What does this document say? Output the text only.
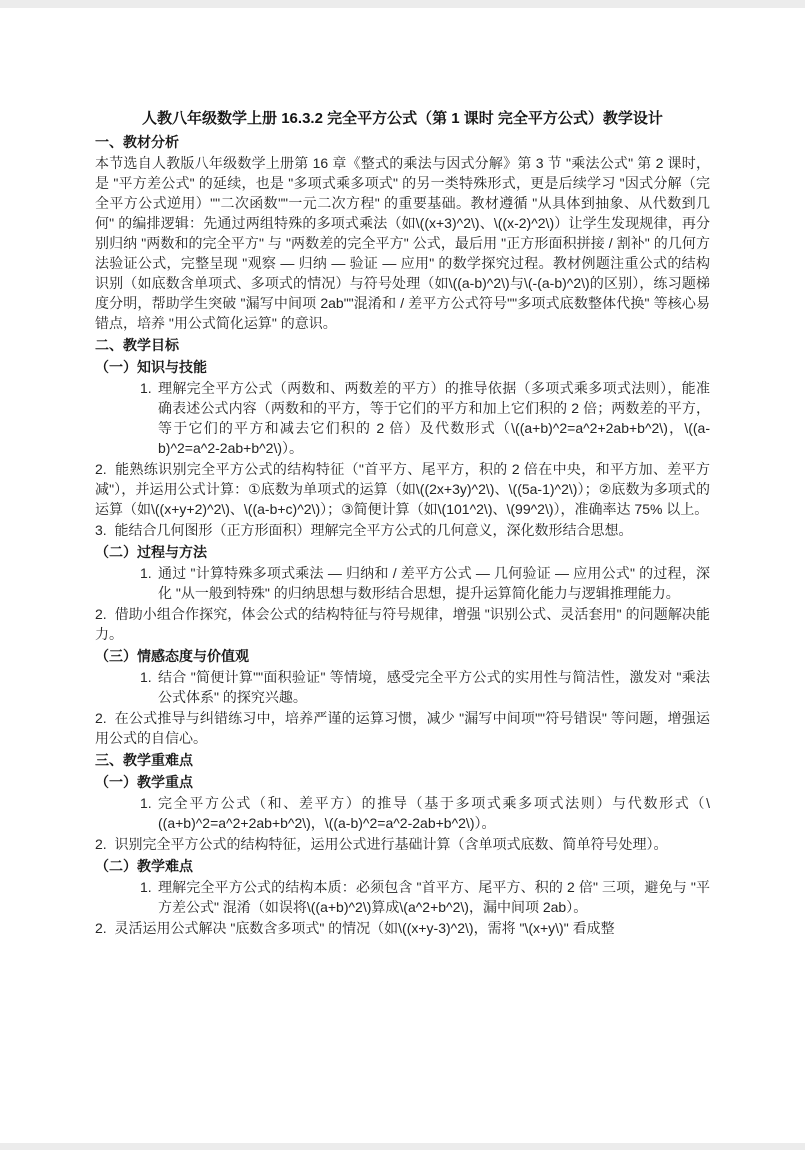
人教八年级数学上册 16.3.2 完全平方公式（第 1 课时 完全平方公式）教学设计
一、教材分析

本节选自人教版八年级数学上册第 16 章《整式的乘法与因式分解》第 3 节 "乘法公式" 第 2 课时，是 "平方差公式" 的延续，也是 "多项式乘多项式" 的另一类特殊形式，更是后续学习 "因式分解（完全平方公式逆用）""二次函数""一元二次方程" 的重要基础。教材遵循 "从具体到抽象、从代数到几何" 的编排逻辑：先通过两组特殊的多项式乘法（如\((x+3)^2\)、\((x-2)^2\)）让学生发现规律，再分别归纳 "两数和的完全平方" 与 "两数差的完全平方" 公式，最后用 "正方形面积拼接 / 割补" 的几何方法验证公式，完整呈现 "观察 — 归纳 — 验证 — 应用" 的数学探究过程。教材例题注重公式的结构识别（如底数含单项式、多项式的情况）与符号处理（如\((a-b)^2\)与\(-(a-b)^2\)的区别），练习题梯度分明，帮助学生突破 "漏写中间项 2ab""混淆和 / 差平方公式符号""多项式底数整体代换" 等核心易错点，培养 "用公式简化运算" 的意识。

二、教学目标
（一）知识与技能
1. 理解完全平方公式（两数和、两数差的平方）的推导依据（多项式乘多项式法则），能准确表述公式内容（两数和的平方，等于它们的平方和加上它们积的 2 倍；两数差的平方，等于它们的平方和减去它们积的 2 倍）及代数形式（\((a+b)^2=a^2+2ab+b^2\)，\((a-b)^2=a^2-2ab+b^2\)）。

2.  能熟练识别完全平方公式的结构特征（"首平方、尾平方，积的 2 倍在中央，和平方加、差平方减"），并运用公式计算：①底数为单项式的运算（如\((2x+3y)^2\)、\((5a-1)^2\)）；②底数为多项式的运算（如\((x+y+2)^2\)、\((a-b+c)^2\)）；③简便计算（如\(101^2\)、\(99^2\)），准确率达 75% 以上。

3.  能结合几何图形（正方形面积）理解完全平方公式的几何意义，深化数形结合思想。

（二）过程与方法
1. 通过 "计算特殊多项式乘法 — 归纳和 / 差平方公式 — 几何验证 — 应用公式" 的过程，深化 "从一般到特殊" 的归纳思想与数形结合思想，提升运算简化能力与逻辑推理能力。

2.  借助小组合作探究，体会公式的结构特征与符号规律，增强 "识别公式、灵活套用" 的问题解决能力。

（三）情感态度与价值观
1. 结合 "简便计算""面积验证" 等情境，感受完全平方公式的实用性与简洁性，激发对 "乘法公式体系" 的探究兴趣。

2.  在公式推导与纠错练习中，培养严谨的运算习惯，减少 "漏写中间项""符号错误" 等问题，增强运用公式的自信心。

三、教学重难点
（一）教学重点
1. 完全平方公式（和、差平方）的推导（基于多项式乘多项式法则）与代数形式（\((a+b)^2=a^2+2ab+b^2\)，\((a-b)^2=a^2-2ab+b^2\)）。

2.  识别完全平方公式的结构特征，运用公式进行基础计算（含单项式底数、简单符号处理）。

（二）教学难点
1. 理解完全平方公式的结构本质：必须包含 "首平方、尾平方、积的 2 倍" 三项，避免与 "平方差公式" 混淆（如误将\((a+b)^2\)算成\(a^2+b^2\)，漏中间项 2ab）。

2.  灵活运用公式解决 "底数含多项式" 的情况（如\((x+y-3)^2\)，需将 "\(x+y\)" 看成整
